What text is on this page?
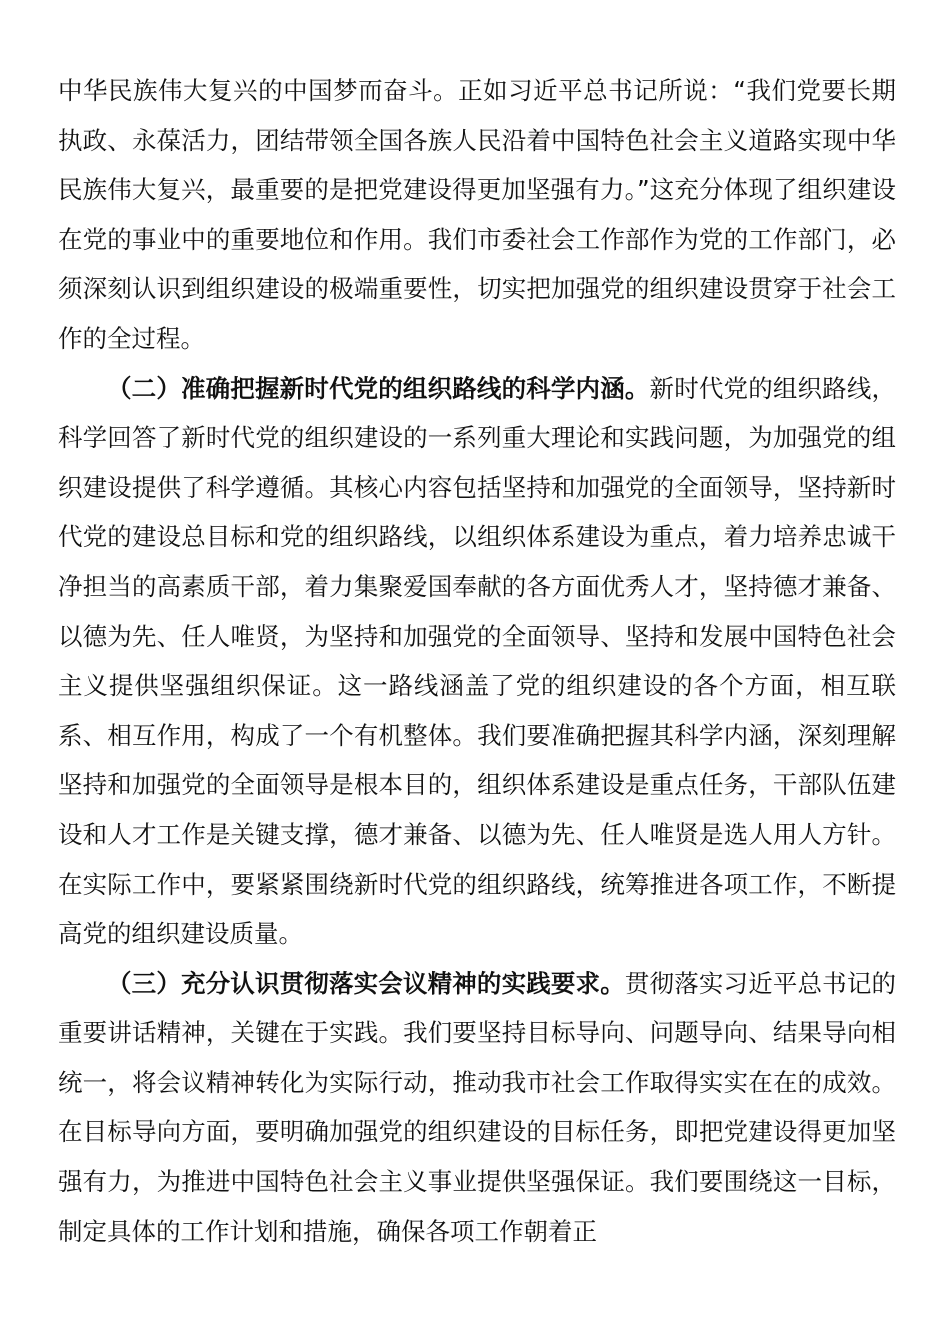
中华民族伟大复兴的中国梦而奋斗。正如习近平总书记所说：“我们党要长期执政、永葆活力，团结带领全国各族人民沿着中国特色社会主义道路实现中华民族伟大复兴，最重要的是把党建设得更加坚强有力。”这充分体现了组织建设在党的事业中的重要地位和作用。我们市委社会工作部作为党的工作部门，必须深刻认识到组织建设的极端重要性，切实把加强党的组织建设贯穿于社会工作的全过程。

（二）准确把握新时代党的组织路线的科学内涵。新时代党的组织路线，科学回答了新时代党的组织建设的一系列重大理论和实践问题，为加强党的组织建设提供了科学遵循。其核心内容包括坚持和加强党的全面领导，坚持新时代党的建设总目标和党的组织路线，以组织体系建设为重点，着力培养忠诚干净担当的高素质干部，着力集聚爱国奉献的各方面优秀人才，坚持德才兼备、以德为先、任人唯贤，为坚持和加强党的全面领导、坚持和发展中国特色社会主义提供坚强组织保证。这一路线涵盖了党的组织建设的各个方面，相互联系、相互作用，构成了一个有机整体。我们要准确把握其科学内涵，深刻理解坚持和加强党的全面领导是根本目的，组织体系建设是重点任务，干部队伍建设和人才工作是关键支撑，德才兼备、以德为先、任人唯贤是选人用人方针。在实际工作中，要紧紧围绕新时代党的组织路线，统筹推进各项工作，不断提高党的组织建设质量。

（三）充分认识贯彻落实会议精神的实践要求。贯彻落实习近平总书记的重要讲话精神，关键在于实践。我们要坚持目标导向、问题导向、结果导向相统一，将会议精神转化为实际行动，推动我市社会工作取得实实在在的成效。在目标导向方面，要明确加强党的组织建设的目标任务，即把党建设得更加坚强有力，为推进中国特色社会主义事业提供坚强保证。我们要围绕这一目标，制定具体的工作计划和措施，确保各项工作朝着正
